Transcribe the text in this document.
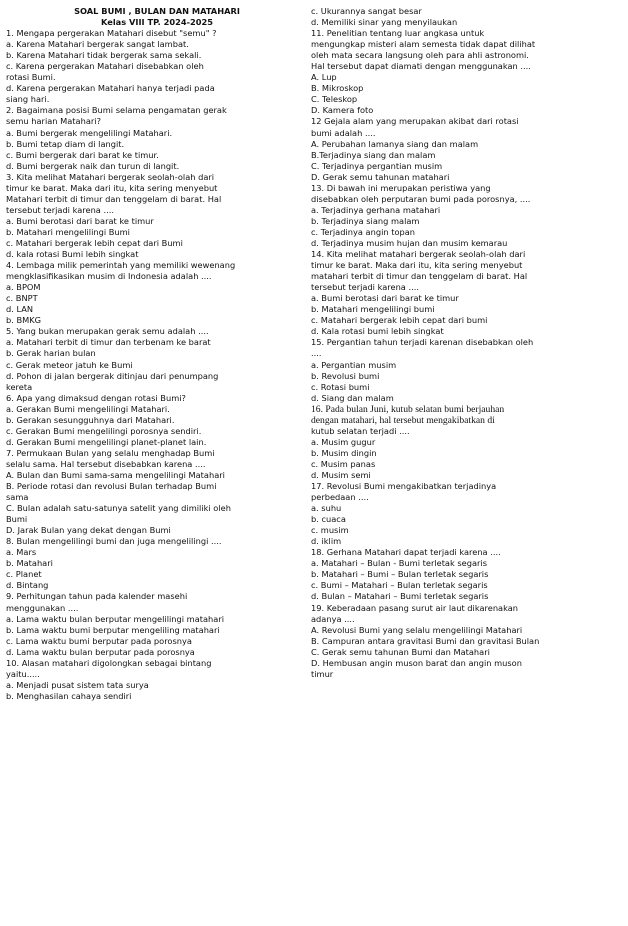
SOAL BUMI , BULAN DAN MATAHARI
Kelas VIII TP. 2024-2025
1. Mengapa pergerakan Matahari disebut "semu" ?
a. Karena Matahari bergerak sangat lambat.
b. Karena Matahari tidak bergerak sama sekali.
c. Karena pergerakan Matahari disebabkan oleh
rotasi Bumi.
d. Karena pergerakan Matahari hanya terjadi pada
siang hari.
2. Bagaimana posisi Bumi selama pengamatan gerak
semu harian Matahari?
a. Bumi bergerak mengelilingi Matahari.
b. Bumi tetap diam di langit.
c. Bumi bergerak dari barat ke timur.
d. Bumi bergerak naik dan turun di langit.
3. Kita melihat Matahari bergerak seolah-olah dari
timur ke barat. Maka dari itu, kita sering menyebut
Matahari terbit di timur dan tenggelam di barat. Hal
tersebut terjadi karena ....
a. Bumi berotasi dari barat ke timur
b. Matahari mengelilingi Bumi
c. Matahari bergerak lebih cepat dari Bumi
d. kala rotasi Bumi lebih singkat
4. Lembaga milik pemerintah yang memiliki wewenang
mengklasifikasikan musim di Indonesia adalah ....
a. BPOM
c. BNPT
d. LAN
b. BMKG
5. Yang bukan merupakan gerak semu adalah ....
a. Matahari terbit di timur dan terbenam ke barat
b. Gerak harian bulan
c. Gerak meteor jatuh ke Bumi
d. Pohon di jalan bergerak ditinjau dari penumpang
kereta
6. Apa yang dimaksud dengan rotasi Bumi?
a. Gerakan Bumi mengelilingi Matahari.
b. Gerakan sesungguhnya dari Matahari.
c. Gerakan Bumi mengelilingi porosnya sendiri.
d. Gerakan Bumi mengelilingi planet-planet lain.
7. Permukaan Bulan yang selalu menghadap Bumi
selalu sama. Hal tersebut disebabkan karena ....
A. Bulan dan Bumi sama-sama mengelilingi Matahari
B. Periode rotasi dan revolusi Bulan terhadap Bumi
sama
C. Bulan adalah satu-satunya satelit yang dimiliki oleh
Bumi
D. Jarak Bulan yang dekat dengan Bumi
8. Bulan mengelilingi bumi dan juga mengelilingi ....
a. Mars
b. Matahari
c. Planet
d. Bintang
9. Perhitungan tahun pada kalender masehi
menggunakan ....
a. Lama waktu bulan berputar mengelilingi matahari
b. Lama waktu bumi berputar mengeliling matahari
c. Lama waktu bumi berputar pada porosnya
d. Lama waktu bulan berputar pada porosnya
10. Alasan matahari digolongkan sebagai bintang
yaitu.....
a. Menjadi pusat sistem tata surya
b. Menghasilan cahaya sendiri
c. Ukurannya sangat besar
d. Memiliki sinar yang menyilaukan
11. Penelitian tentang luar angkasa untuk
mengungkap misteri alam semesta tidak dapat dilihat
oleh mata secara langsung oleh para ahli astronomi.
Hal tersebut dapat diamati dengan menggunakan ....
A. Lup
B. Mikroskop
C. Teleskop
D. Kamera foto
12 Gejala alam yang merupakan akibat dari rotasi
bumi adalah ....
A. Perubahan lamanya siang dan malam
B.Terjadinya siang dan malam
C. Terjadinya pergantian musim
D. Gerak semu tahunan matahari
13. Di bawah ini merupakan peristiwa yang
disebabkan oleh perputaran bumi pada porosnya, ....
a. Terjadinya gerhana matahari
b. Terjadinya siang malam
c. Terjadinya angin topan
d. Terjadinya musim hujan dan musim kemarau
14. Kita melihat matahari bergerak seolah-olah dari
timur ke barat. Maka dari itu, kita sering menyebut
matahari terbit di timur dan tenggelam di barat. Hal
tersebut terjadi karena ....
a. Bumi berotasi dari barat ke timur
b. Matahari mengelilingi bumi
c. Matahari bergerak lebih cepat dari bumi
d. Kala rotasi bumi lebih singkat
15. Pergantian tahun terjadi karenan disebabkan oleh
....
a. Pergantian musim
b. Revolusi bumi
c. Rotasi bumi
d. Siang dan malam
16. Pada bulan Juni, kutub selatan bumi berjauhan
dengan matahari, hal tersebut mengakibatkan di
kutub selatan terjadi ....
a. Musim gugur
b. Musim dingin
c. Musim panas
d. Musim semi
17. Revolusi Bumi mengakibatkan terjadinya
perbedaan ....
a. suhu
b. cuaca
c. musim
d. iklim
18. Gerhana Matahari dapat terjadi karena ....
a. Matahari – Bulan - Bumi terletak segaris
b. Matahari – Bumi – Bulan terletak segaris
c. Bumi – Matahari – Bulan terletak segaris
d. Bulan – Matahari – Bumi terletak segaris
19. Keberadaan pasang surut air laut dikarenakan
adanya ....
A. Revolusi Bumi yang selalu mengelilingi Matahari
B. Campuran antara gravitasi Bumi dan gravitasi Bulan
C. Gerak semu tahunan Bumi dan Matahari
D. Hembusan angin muson barat dan angin muson
timur
